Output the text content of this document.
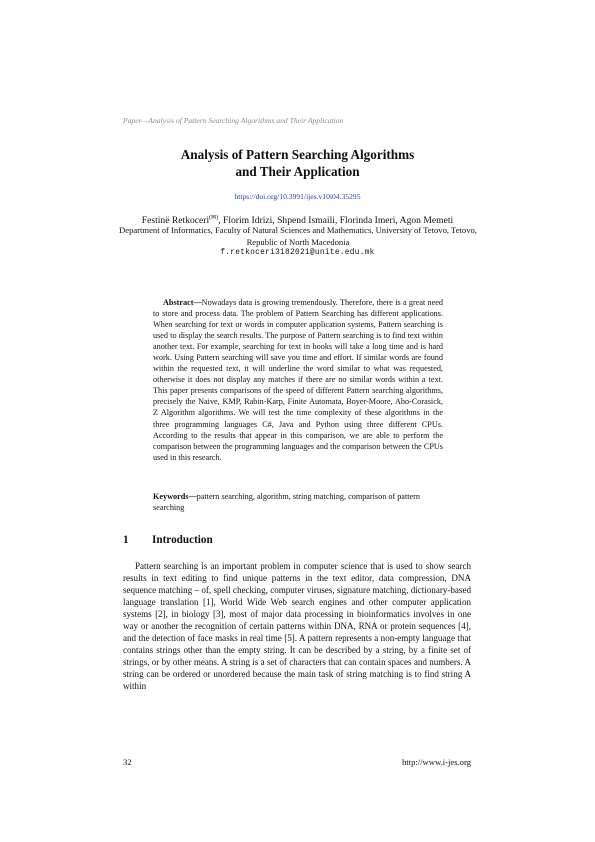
Paper—Analysis of Pattern Searching Algorithms and Their Application
Analysis of Pattern Searching Algorithms
and Their Application
https://doi.org/10.3991/ijes.v10i04.35295
Festinë Retkoceri(✉), Florim Idrizi, Shpend Ismaili, Florinda Imeri, Agon Memeti
Department of Informatics, Faculty of Natural Sciences and Mathematics, University of Tetovo, Tetovo, Republic of North Macedonia
f.retkoceri3182021@unite.edu.mk
Abstract—Nowadays data is growing tremendously. Therefore, there is a great need to store and process data. The problem of Pattern Searching has different applications. When searching for text or words in computer application systems, Pattern searching is used to display the search results. The purpose of Pattern searching is to find text within another text. For example, searching for text in books will take a long time and is hard work. Using Pattern searching will save you time and effort. If similar words are found within the requested text, it will underline the word similar to what was requested, otherwise it does not display any matches if there are no similar words within a text. This paper presents comparisons of the speed of different Pattern searching algorithms, precisely the Naive, KMP, Rabin-Karp, Finite Automata, Boyer-Moore, Aho-Corasick, Z Algorithm algorithms. We will test the time complexity of these algorithms in the three programming languages C#, Java and Python using three different CPUs. According to the results that appear in this comparison, we are able to perform the comparison between the programming languages and the comparison between the CPUs used in this research.
Keywords—pattern searching, algorithm, string matching, comparison of pattern searching
1 Introduction
Pattern searching is an important problem in computer science that is used to show search results in text editing to find unique patterns in the text editor, data compression, DNA sequence matching – of, spell checking, computer viruses, signature matching, dictionary-based language translation [1], World Wide Web search engines and other computer application systems [2], in biology [3], most of major data processing in bioinformatics involves in one way or another the recognition of certain patterns within DNA, RNA or protein sequences [4], and the detection of face masks in real time [5]. A pattern represents a non-empty language that contains strings other than the empty string. It can be described by a string, by a finite set of strings, or by other means. A string is a set of characters that can contain spaces and numbers. A string can be ordered or unordered because the main task of string matching is to find string A within
32	http://www.i-jes.org
